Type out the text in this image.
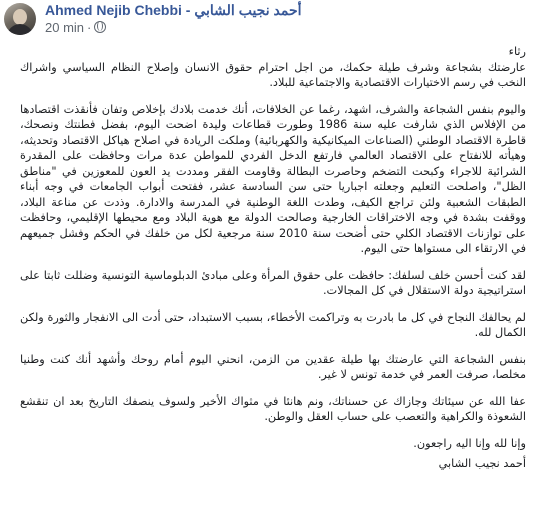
Ahmed Nejib Chebbi - أحمد نجيب الشابي
20 min ·

رثاء
عارضتك بشجاعة وشرف طيلة حكمك، من اجل احترام حقوق الانسان وإصلاح النظام السياسي واشراك النخب في رسم الاختيارات الاقتصادية والاجتماعية للبلاد.

واليوم بنفس الشجاعة والشرف، اشهد، رغما عن الخلافات، أنك خدمت بلادك بإخلاص وتفان فأنقذت اقتصادها من الإفلاس الذي شارفت عليه سنة 1986 وطورت قطاعات وليدة اضحت اليوم، بفضل فطنتك ونصحك، قاطرة الاقتصاد الوطني (الصناعات الميكانيكية والكهربائية) وملكت الريادة في اصلاح هياكل الاقتصاد وتحديثه، وهيأته للانفتاح على الاقتصاد العالمي فارتفع الدخل الفردي للمواطن عدة مرات وحافظت على المقدرة الشرائية للاجراء وكبحت التضخم وحاصرت البطالة وقاومت الفقر ومددت يد العون للمعوزين في "مناطق الظل"، واصلحت التعليم وجعلته اجباريا حتى سن السادسة عشر، ففتحت أبواب الجامعات في وجه أبناء الطبقات الشعبية ولئن تراجع الكيف، وطدت اللغة الوطنية في المدرسة والادارة. وذدت عن مناعة البلاد، ووقفت بشدة في وجه الاختراقات الخارجية وصالحت الدولة مع هوية البلاد ومع محيطها الإقليمي، وحافظت على توازنات الاقتصاد الكلي حتى أضحت سنة 2010 سنة مرجعية لكل من خلفك في الحكم وفشل جميعهم في الارتقاء الى مستواها حتى اليوم.

لقد كنت أحسن خلف لسلفك: حافظت على حقوق المرأة وعلى مبادئ الدبلوماسية التونسية وضللت ثابتا على استراتيجية دولة الاستقلال في كل المجالات.

لم يحالفك النجاح في كل ما بادرت به وتراكمت الأخطاء، بسبب الاستبداد، حتى أدت الى الانفجار والثورة ولكن الكمال لله.

بنفس الشجاعة التي عارضتك بها طيلة عقدين من الزمن، انحني اليوم أمام روحك وأشهد أنك كنت وطنيا مخلصا، صرفت العمر في خدمة تونس لا غير.

عفا الله عن سيئاتك وجازاك عن حسناتك، ونم هانئا في مثواك الأخير ولسوف ينصفك التاريخ بعد ان تنقشع الشعوذة والكراهية والتعصب على حساب العقل والوطن.

وإنا لله وإنا اليه راجعون.

أحمد نجيب الشابي
